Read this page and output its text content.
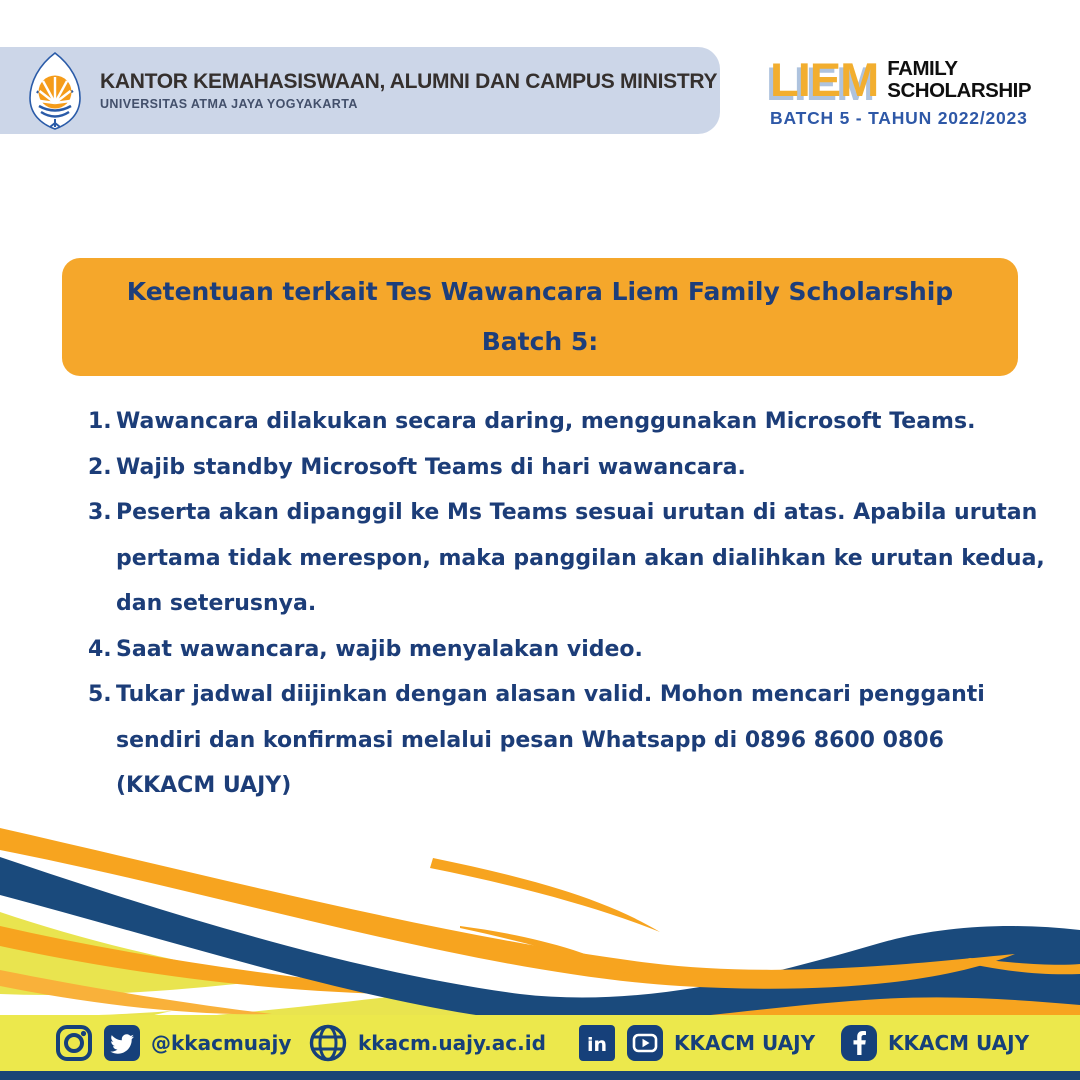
KANTOR KEMAHASISWAAN, ALUMNI DAN CAMPUS MINISTRY
UNIVERSITAS ATMA JAYA YOGYAKARTA	LIEM FAMILY
SCHOLARSHIP
BATCH 5 - TAHUN 2022/2023
Ketentuan terkait Tes Wawancara Liem Family Scholarship
Batch 5:
1. Wawancara dilakukan secara daring, menggunakan Microsoft Teams.
2. Wajib standby Microsoft Teams di hari wawancara.
3. Peserta akan dipanggil ke Ms Teams sesuai urutan di atas. Apabila urutan
pertama tidak merespon, maka panggilan akan dialihkan ke urutan kedua,
dan seterusnya.
4. Saat wawancara, wajib menyalakan video.
5. Tukar jadwal diijinkan dengan alasan valid. Mohon mencari pengganti
sendiri dan konfirmasi melalui pesan Whatsapp di 0896 8600 0806
(KKACM UAJY)
@kkacmuajy	kkacm.uajy.ac.id in	KKACM UAJY	KKACM UAJY
